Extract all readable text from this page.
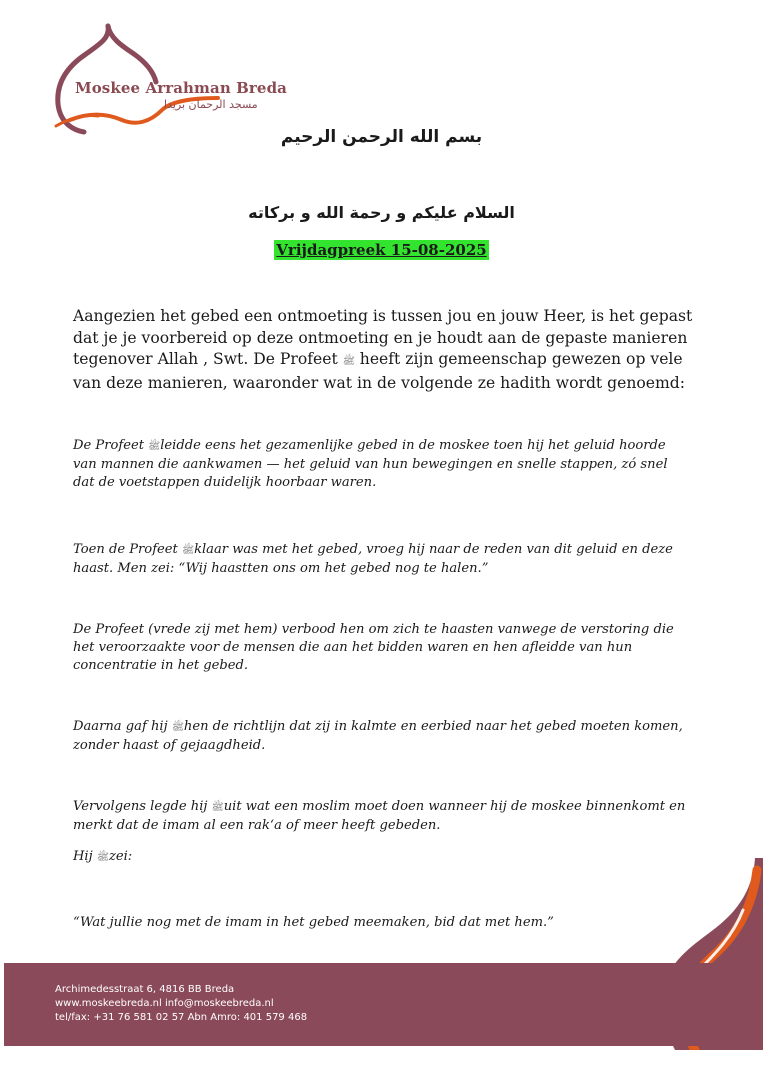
Moskee Arrahman Breda
مسجد الرحمان بريدا
بسم الله الرحمن الرحيم
السلام عليكم و رحمة الله و بركاته
Vrijdagpreek 15-08-2025

Aangezien het gebed een ontmoeting is tussen jou en jouw Heer, is het gepast dat je je voorbereid op deze ontmoeting en je houdt aan de gepaste manieren tegenover Allah , Swt. De Profeet ﷺ heeft zijn gemeenschap gewezen op vele van deze manieren, waaronder wat in de volgende ze hadith wordt genoemd:

De Profeet ﷺleidde eens het gezamenlijke gebed in de moskee toen hij het geluid hoorde van mannen die aankwamen — het geluid van hun bewegingen en snelle stappen, zó snel dat de voetstappen duidelijk hoorbaar waren.

Toen de Profeet ﷺklaar was met het gebed, vroeg hij naar de reden van dit geluid en deze haast. Men zei: “Wij haastten ons om het gebed nog te halen.”

De Profeet (vrede zij met hem) verbood hen om zich te haasten vanwege de verstoring die het veroorzaakte voor de mensen die aan het bidden waren en hen afleidde van hun concentratie in het gebed.

Daarna gaf hij ﷺhen de richtlijn dat zij in kalmte en eerbied naar het gebed moeten komen, zonder haast of gejaagdheid.

Vervolgens legde hij ﷺuit wat een moslim moet doen wanneer hij de moskee binnenkomt en merkt dat de imam al een rak‘a of meer heeft gebeden.

Hij ﷺzei:

“Wat jullie nog met de imam in het gebed meemaken, bid dat met hem.”

Archimedesstraat 6, 4816 BB Breda
www.moskeebreda.nl info@moskeebreda.nl
tel/fax: +31 76 581 02 57 Abn Amro: 401 579 468
